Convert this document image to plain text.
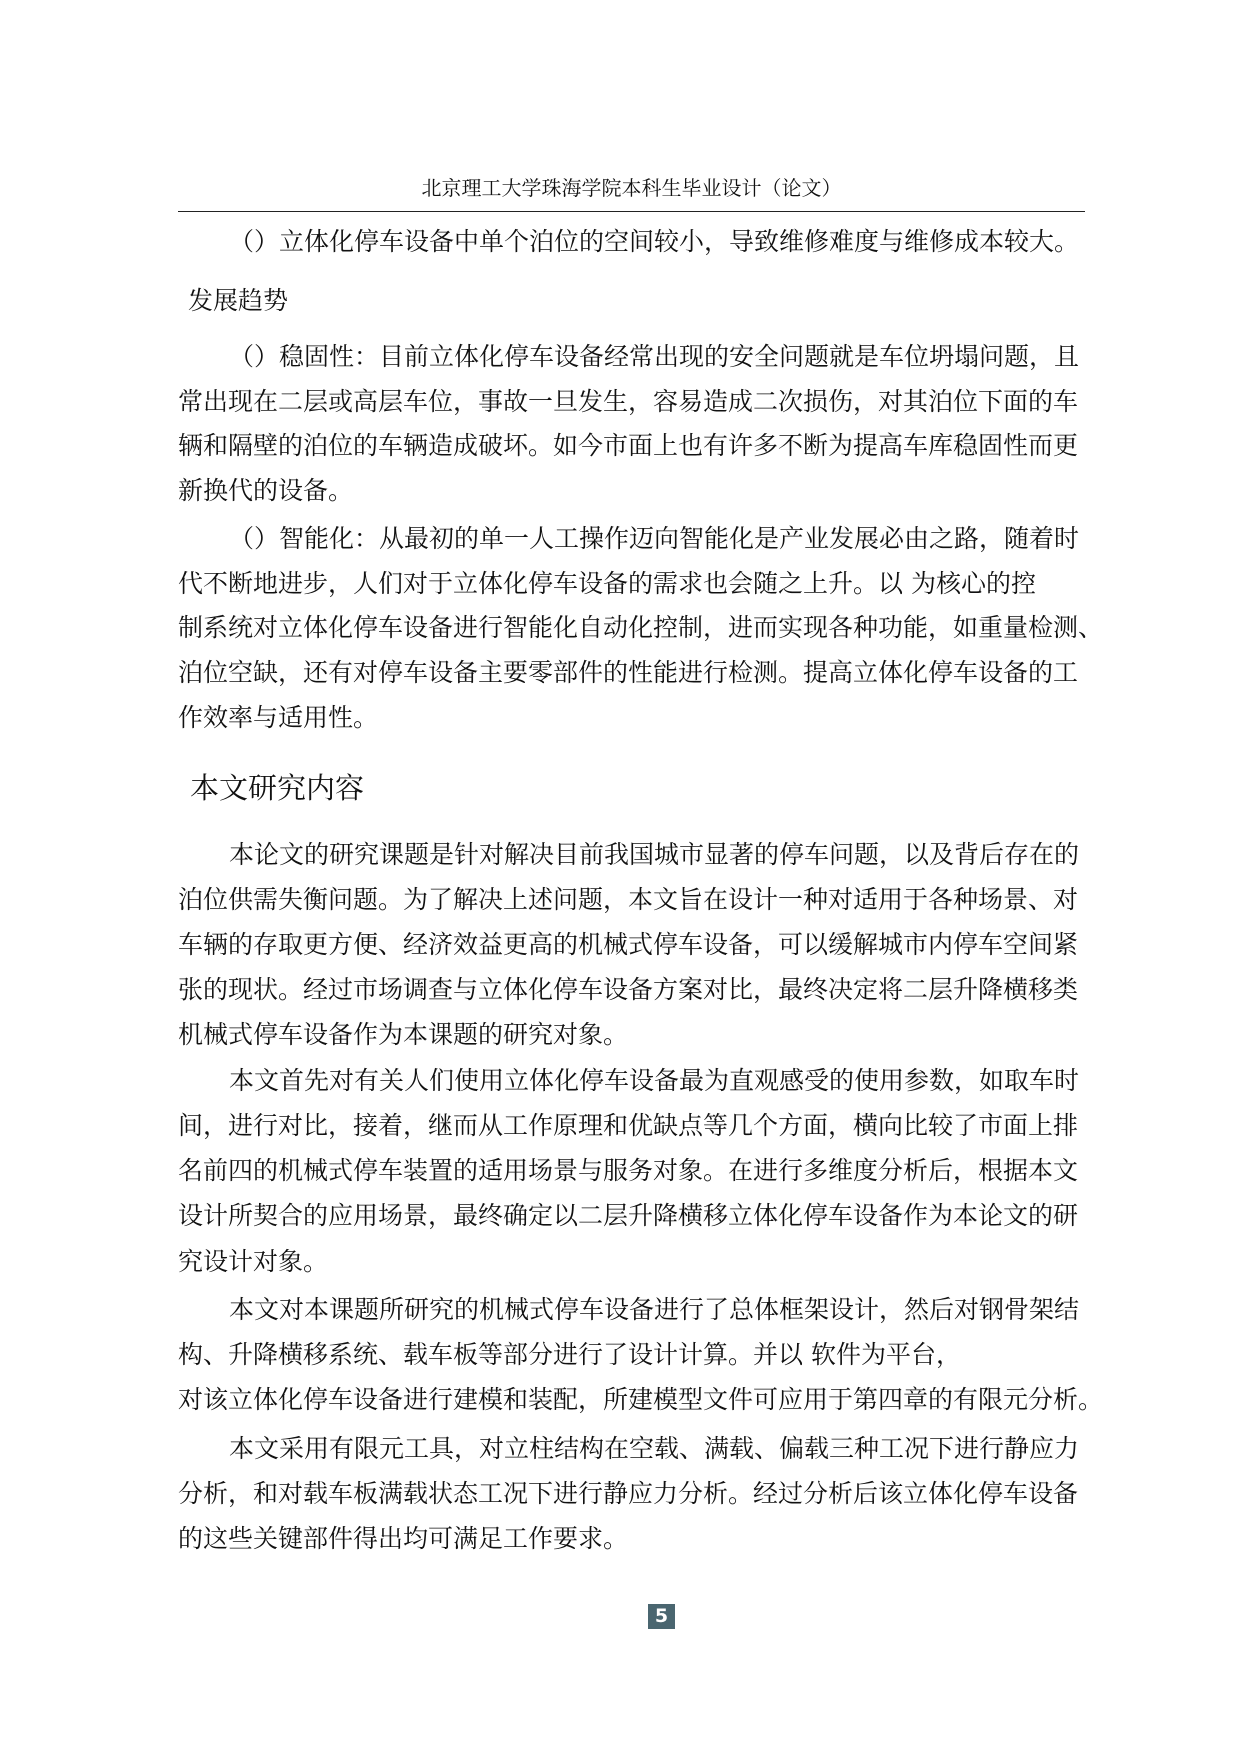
北京理工大学珠海学院本科生毕业设计（论文）
（）立体化停车设备中单个泊位的空间较小，导致维修难度与维修成本较大。
发展趋势
（）稳固性：目前立体化停车设备经常出现的安全问题就是车位坍塌问题，且
常出现在二层或高层车位，事故一旦发生，容易造成二次损伤，对其泊位下面的车
辆和隔壁的泊位的车辆造成破坏。如今市面上也有许多不断为提高车库稳固性而更
新换代的设备。
（）智能化：从最初的单一人工操作迈向智能化是产业发展必由之路，随着时
代不断地进步，人们对于立体化停车设备的需求也会随之上升。以 为核心的控
制系统对立体化停车设备进行智能化自动化控制，进而实现各种功能，如重量检测、
泊位空缺，还有对停车设备主要零部件的性能进行检测。提高立体化停车设备的工
作效率与适用性。
本文研究内容
本论文的研究课题是针对解决目前我国城市显著的停车问题，以及背后存在的
泊位供需失衡问题。为了解决上述问题，本文旨在设计一种对适用于各种场景、对
车辆的存取更方便、经济效益更高的机械式停车设备，可以缓解城市内停车空间紧
张的现状。经过市场调查与立体化停车设备方案对比，最终决定将二层升降横移类
机械式停车设备作为本课题的研究对象。
本文首先对有关人们使用立体化停车设备最为直观感受的使用参数，如取车时
间，进行对比，接着，继而从工作原理和优缺点等几个方面，横向比较了市面上排
名前四的机械式停车装置的适用场景与服务对象。在进行多维度分析后，根据本文
设计所契合的应用场景，最终确定以二层升降横移立体化停车设备作为本论文的研
究设计对象。
本文对本课题所研究的机械式停车设备进行了总体框架设计，然后对钢骨架结
构、升降横移系统、载车板等部分进行了设计计算。并以 软件为平台，
对该立体化停车设备进行建模和装配，所建模型文件可应用于第四章的有限元分析。
本文采用有限元工具，对立柱结构在空载、满载、偏载三种工况下进行静应力
分析，和对载车板满载状态工况下进行静应力分析。经过分析后该立体化停车设备
的这些关键部件得出均可满足工作要求。
5
